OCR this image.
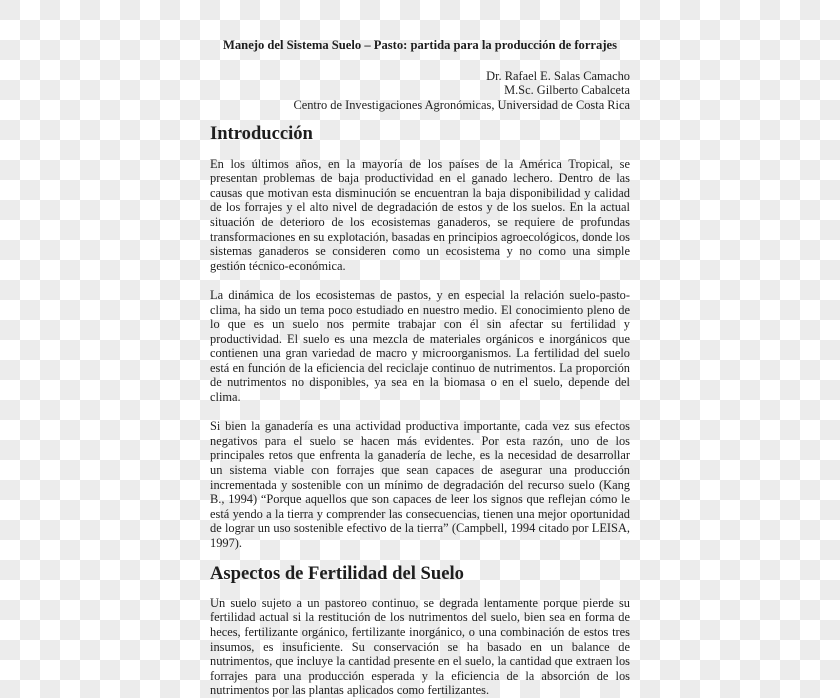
Manejo del Sistema Suelo – Pasto: partida para la producción de forrajes
Dr. Rafael E. Salas Camacho
M.Sc. Gilberto Cabalceta
Centro de Investigaciones Agronómicas, Universidad de Costa Rica
Introducción

En los últimos años, en la mayoría de los países de la América Tropical, se presentan problemas de baja productividad en el ganado lechero. Dentro de las causas que motivan esta disminución se encuentran la baja disponibilidad y calidad de los forrajes y el alto nivel de degradación de estos y de los suelos. En la actual situación de deterioro de los ecosistemas ganaderos, se requiere de profundas transformaciones en su explotación, basadas en principios agroecológicos, donde los sistemas ganaderos se consideren como un ecosistema y no como una simple gestión técnico-económica.

La dinámica de los ecosistemas de pastos, y en especial la relación suelo-pasto-clima, ha sido un tema poco estudiado en nuestro medio. El conocimiento pleno de lo que es un suelo nos permite trabajar con él sin afectar su fertilidad y productividad. El suelo es una mezcla de materiales orgánicos e inorgánicos que contienen una gran variedad de macro y microorganismos. La fertilidad del suelo está en función de la eficiencia del reciclaje continuo de nutrimentos. La proporción de nutrimentos no disponibles, ya sea en la biomasa o en el suelo, depende del clima.

Si bien la ganadería es una actividad productiva importante, cada vez sus efectos negativos para el suelo se hacen más evidentes. Por esta razón, uno de los principales retos que enfrenta la ganadería de leche, es la necesidad de desarrollar un sistema viable con forrajes que sean capaces de asegurar una producción incrementada y sostenible con un mínimo de degradación del recurso suelo (Kang B., 1994) “Porque aquellos que son capaces de leer los signos que reflejan cómo le está yendo a la tierra y comprender las consecuencias, tienen una mejor oportunidad de lograr un uso sostenible efectivo de la tierra” (Campbell, 1994 citado por LEISA, 1997).

Aspectos de Fertilidad del Suelo

Un suelo sujeto a un pastoreo continuo, se degrada lentamente porque pierde su fertilidad actual si la restitución de los nutrimentos del suelo, bien sea en forma de heces, fertilizante orgánico, fertilizante inorgánico, o una combinación de estos tres insumos, es insuficiente. Su conservación se ha basado en un balance de nutrimentos, que incluye la cantidad presente en el suelo, la cantidad que extraen los forrajes para una producción esperada y la eficiencia de la absorción de los nutrimentos por las plantas aplicados como fertilizantes.
